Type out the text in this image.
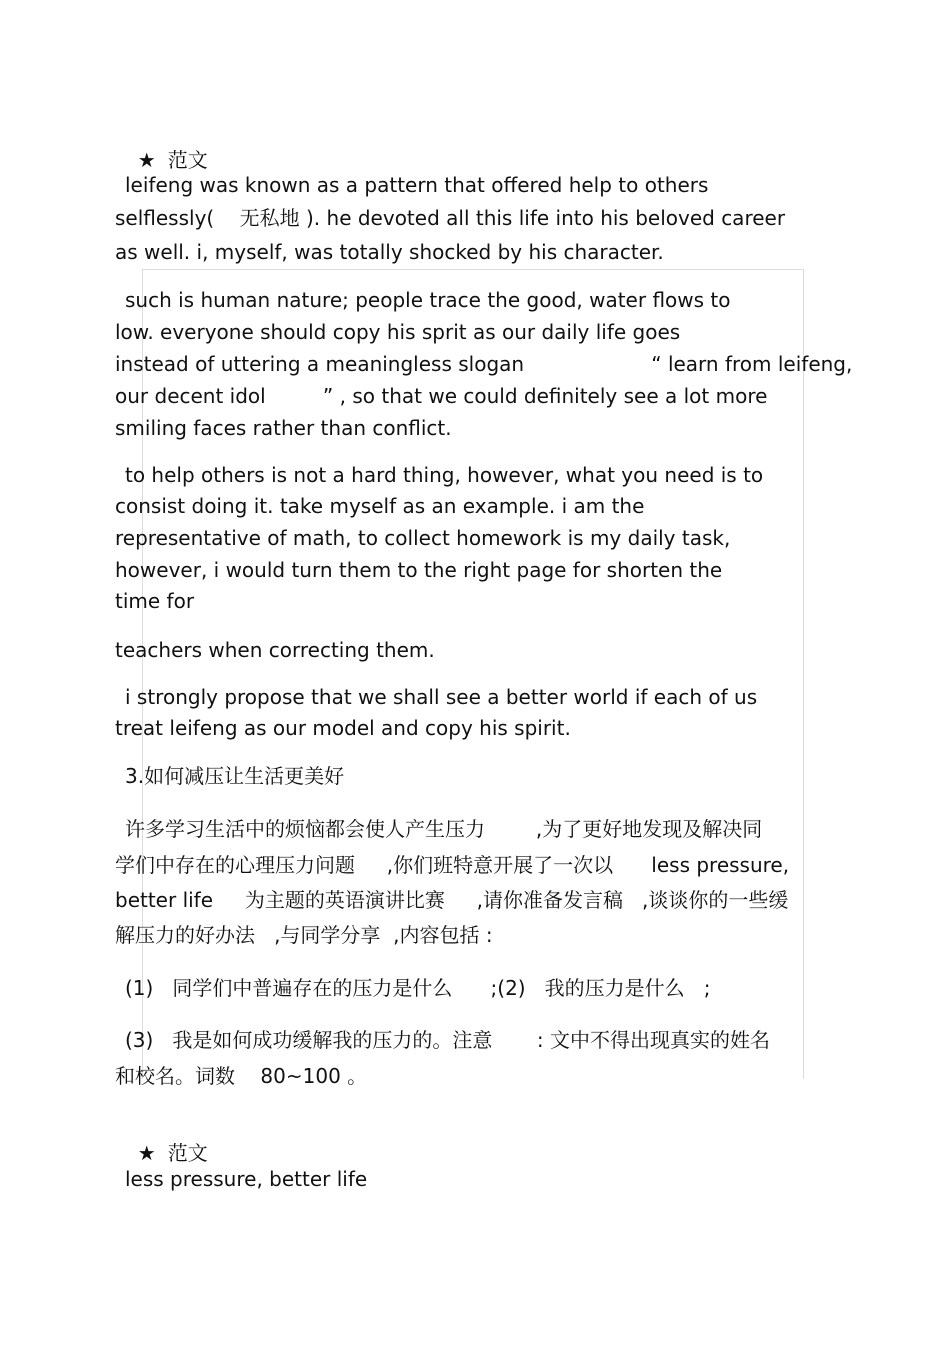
★ 范文

leifeng was known as a pattern that offered help to others
selflessly(    无私地 ). he devoted all this life into his beloved career
as well. i, myself, was totally shocked by his character.
such is human nature; people trace the good, water flows to
low. everyone should copy his sprit as our daily life goes
instead of uttering a meaningless slogan                    “ learn from leifeng,
our decent idol         ” , so that we could definitely see a lot more
smiling faces rather than conflict.
to help others is not a hard thing, however, what you need is to
consist doing it. take myself as an example. i am the
representative of math, to collect homework is my daily task,
however, i would turn them to the right page for shorten the
time for
teachers when correcting them.
i strongly propose that we shall see a better world if each of us
treat leifeng as our model and copy his spirit.
3.如何减压让生活更美好
许多学习生活中的烦恼都会使人产生压力        ,为了更好地发现及解决同
学们中存在的心理压力问题     ,你们班特意开展了一次以      less pressure,
better life     为主题的英语演讲比赛     ,请你准备发言稿   ,谈谈你的一些缓
解压力的好办法   ,与同学分享  ,内容包括 :
(1)   同学们中普遍存在的压力是什么      ;(2)   我的压力是什么   ;
(3)   我是如何成功缓解我的压力的。注意       : 文中不得出现真实的姓名
和校名。词数    80~100 。

★ 范文

less pressure, better life
